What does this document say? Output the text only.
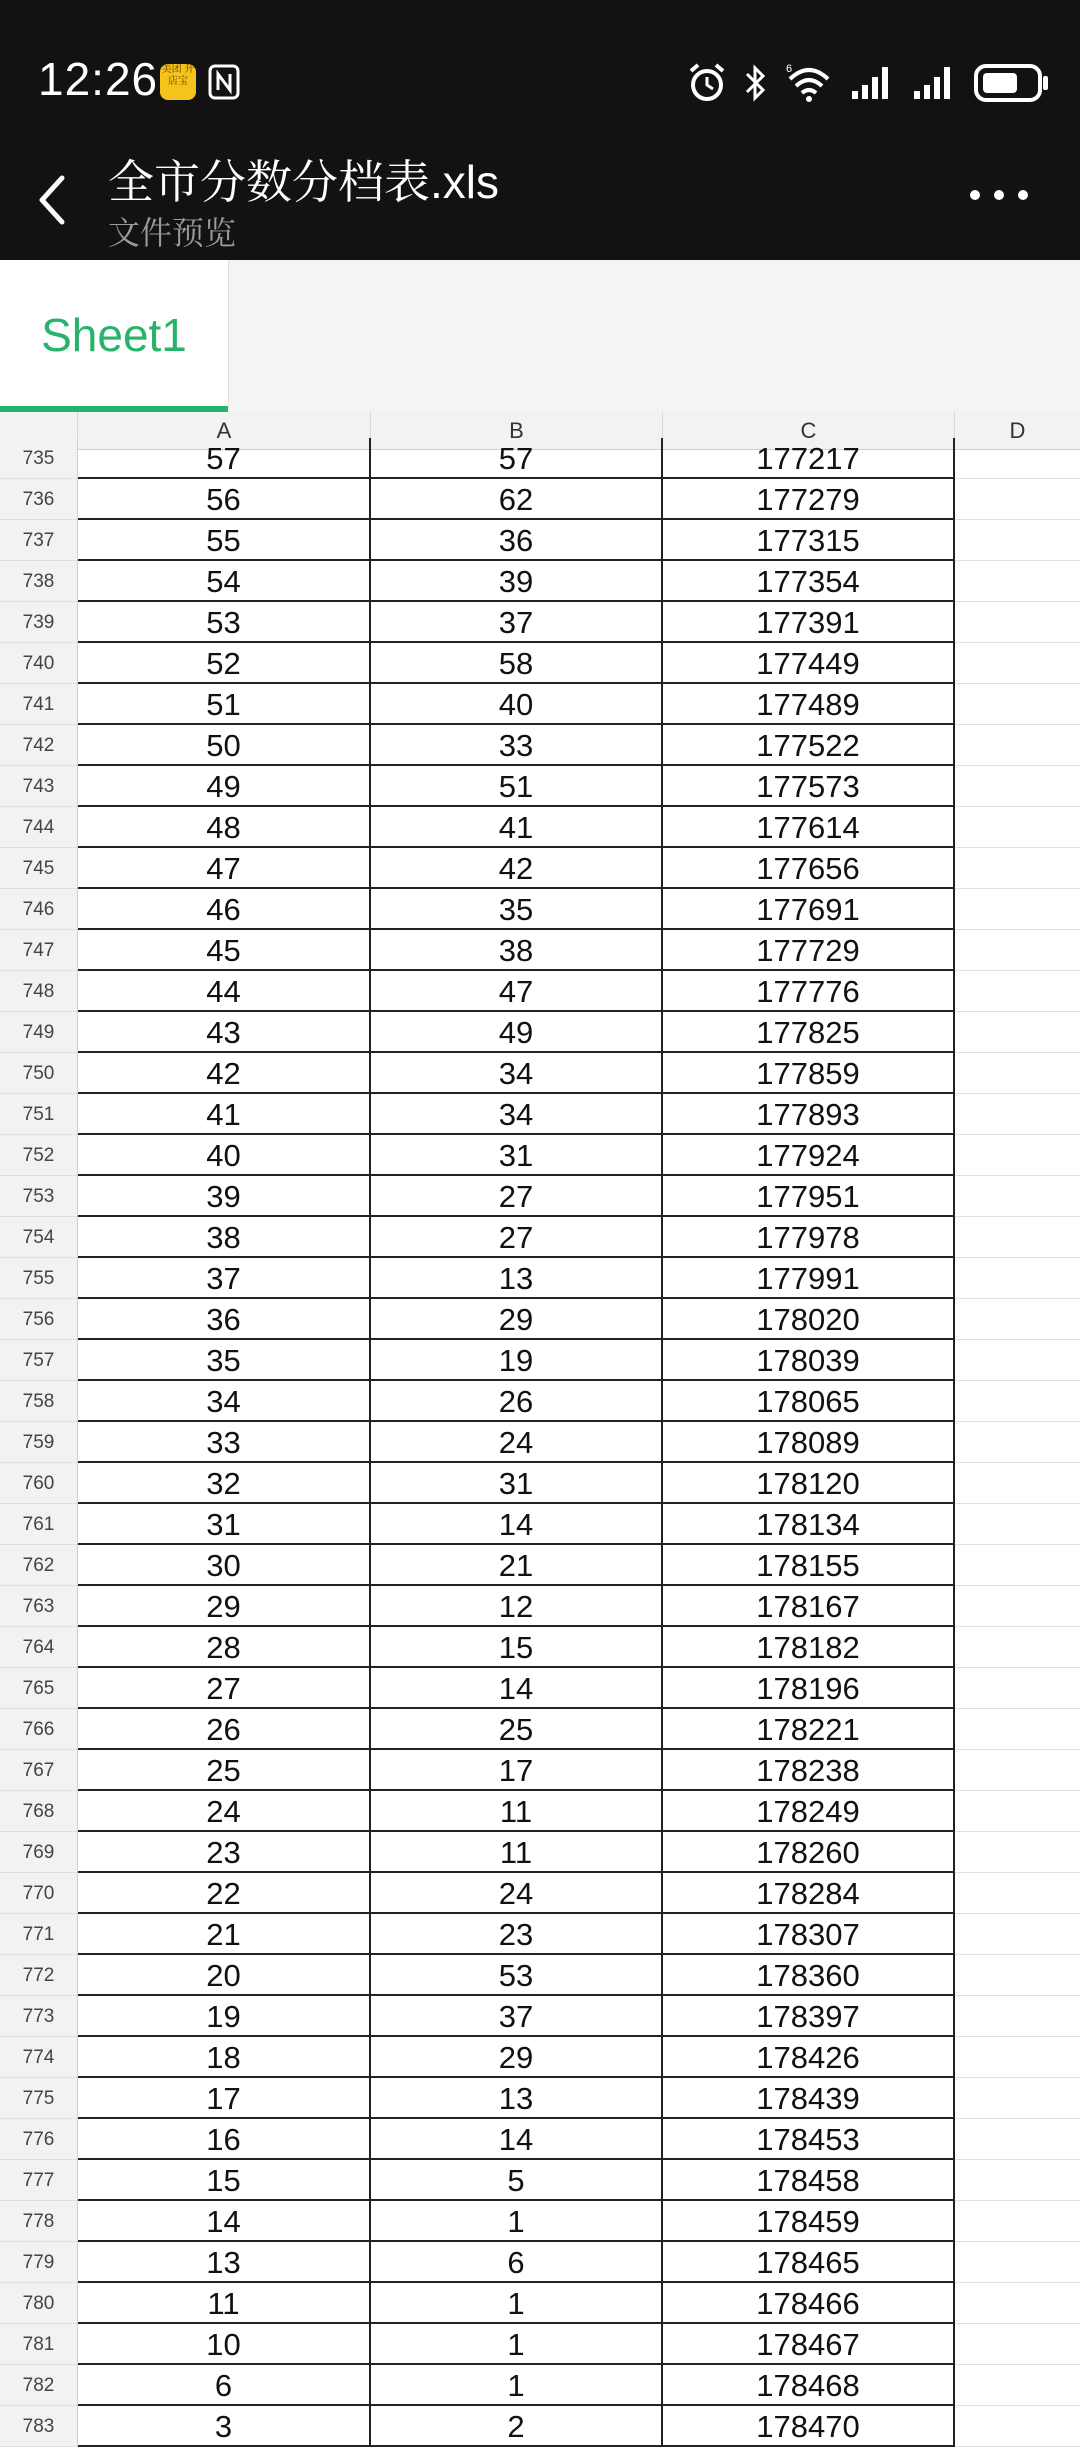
12:26 美团 开店宝
6
全市分数分档表.xls
文件预览
Sheet1
A	B	C	D
735	57	57	177217
736	56	62	177279
737	55	36	177315
738	54	39	177354
739	53	37	177391
740	52	58	177449
741	51	40	177489
742	50	33	177522
743	49	51	177573
744	48	41	177614
745	47	42	177656
746	46	35	177691
747	45	38	177729
748	44	47	177776
749	43	49	177825
750	42	34	177859
751	41	34	177893
752	40	31	177924
753	39	27	177951
754	38	27	177978
755	37	13	177991
756	36	29	178020
757	35	19	178039
758	34	26	178065
759	33	24	178089
760	32	31	178120
761	31	14	178134
762	30	21	178155
763	29	12	178167
764	28	15	178182
765	27	14	178196
766	26	25	178221
767	25	17	178238
768	24	11	178249
769	23	11	178260
770	22	24	178284
771	21	23	178307
772	20	53	178360
773	19	37	178397
774	18	29	178426
775	17	13	178439
776	16	14	178453
777	15	5	178458
778	14	1	178459
779	13	6	178465
780	11	1	178466
781	10	1	178467
782	6	1	178468
783	3	2	178470
